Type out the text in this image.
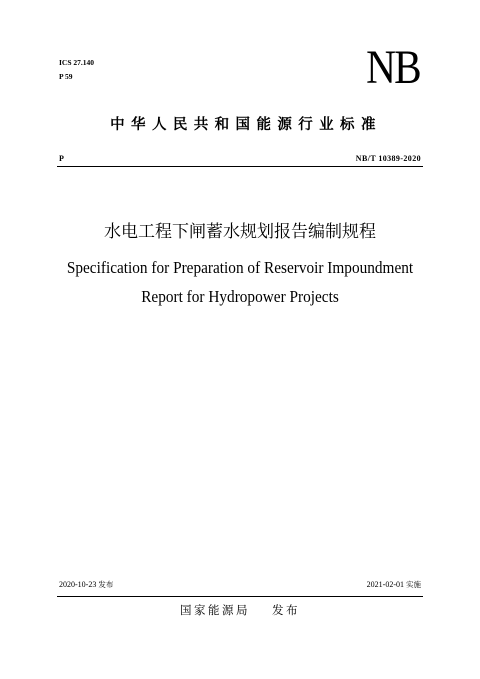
ICS 27.140
P 59	NB
中华人民共和国能源行业标准
P	NB/T 10389-2020
水电工程下闸蓄水规划报告编制规程
Specification for Preparation of Reservoir Impoundment
Report for Hydropower Projects
2020-10-23 发布	2021-02-01 实施
国家能源局 发布
